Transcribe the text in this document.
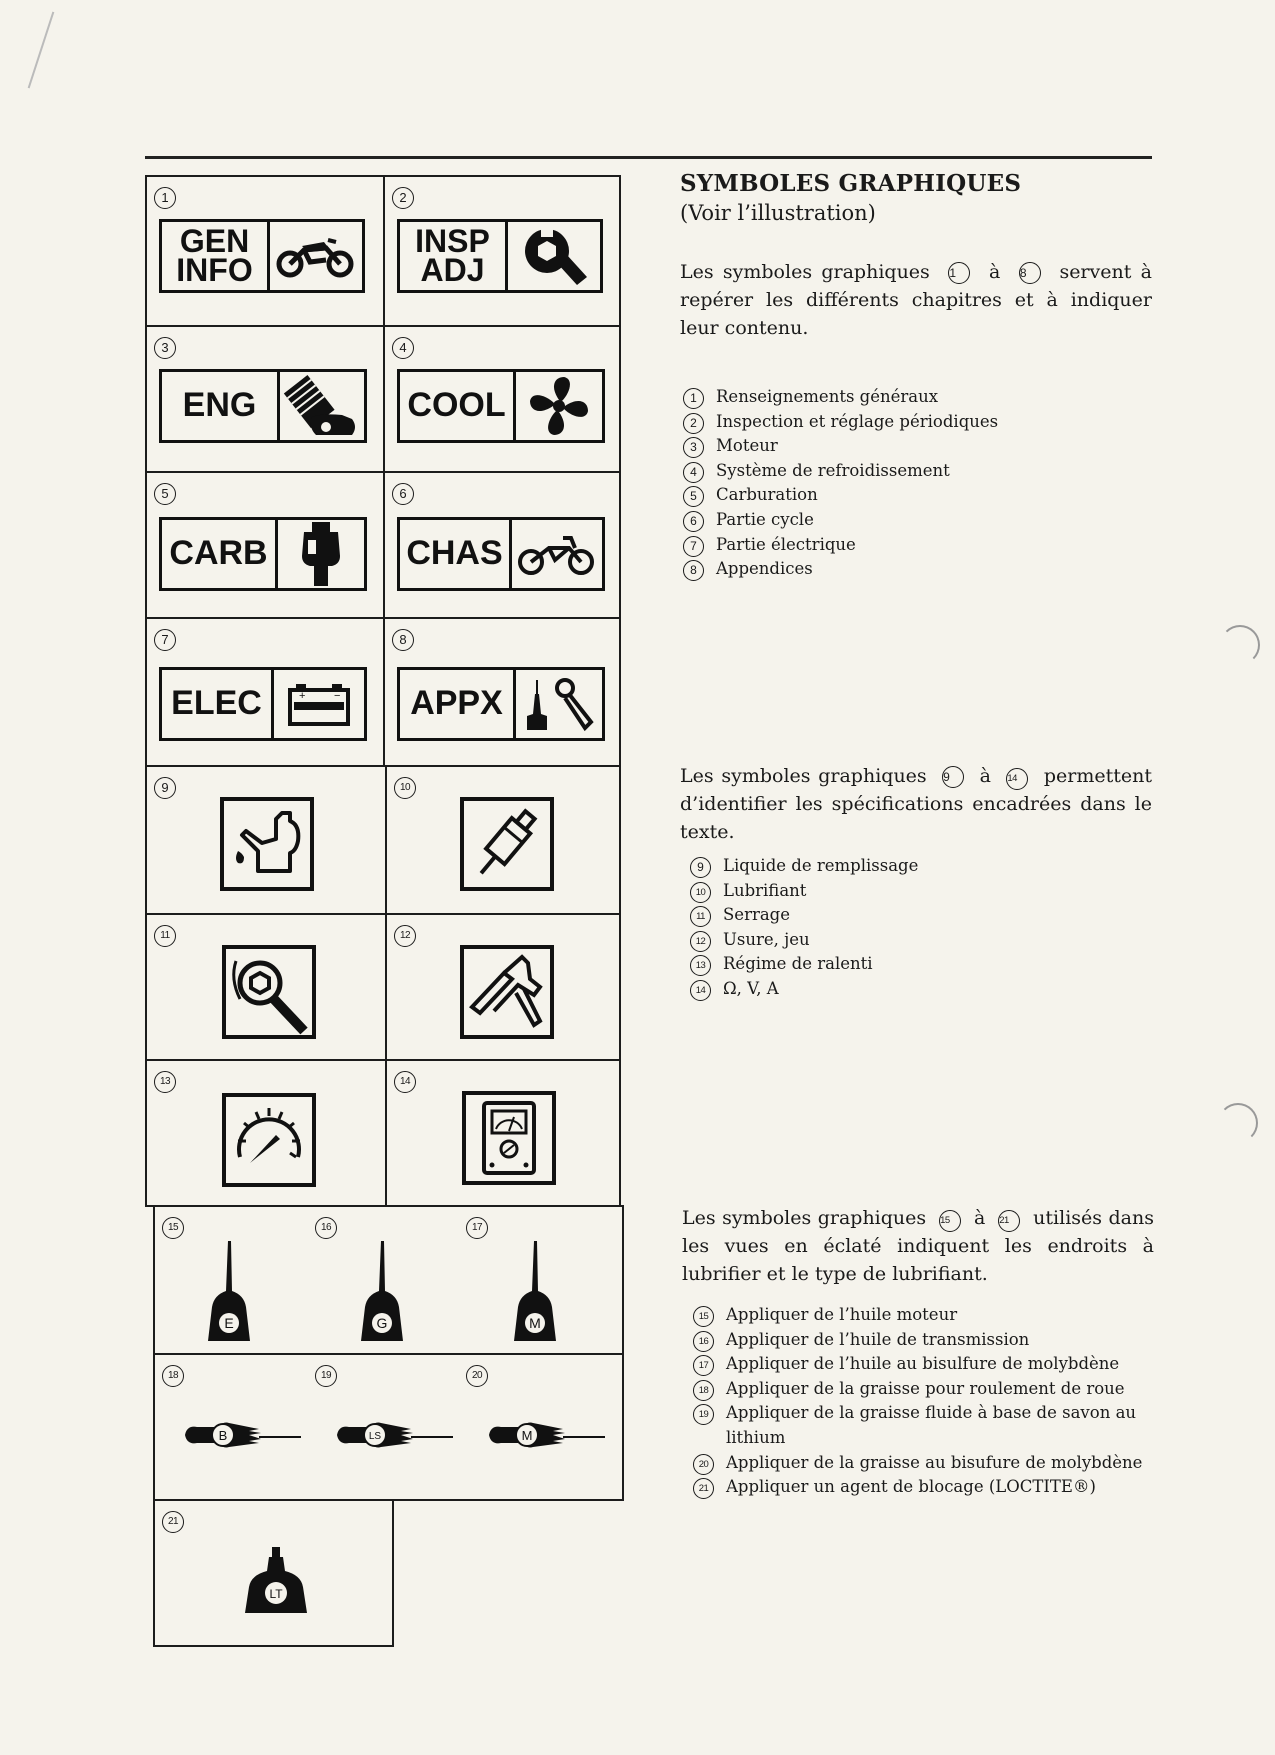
1
GEN
INFO
2
INSP
ADJ
3
ENG
4
COOL
5
CARB
6
CHAS
7
ELEC	+	−
8
APPX
9	10
11	12
13	14
15	16	17
E	G	M
18	19	20
B	LS	M
21
LT
SYMBOLES GRAPHIQUES
(Voir l’illustration)

Les symboles graphiques 1 à 8 servent à repérer les différents chapitres et à indiquer leur contenu.

1	Renseignements généraux
2	Inspection et réglage périodiques
3	Moteur
4	Système de refroidissement
5	Carburation
6	Partie cycle
7	Partie électrique
8	Appendices

Les symboles graphiques 9 à 14 permettent d’identifier les spécifications encadrées dans le texte.

9	Liquide de remplissage
10	Lubrifiant
11	Serrage
12	Usure, jeu
13	Régime de ralenti
14	Ω, V, A

Les symboles graphiques 15 à 21 utilisés dans les vues en éclaté indiquent les endroits à lubrifier et le type de lubrifiant.

15	Appliquer de l’huile moteur
16	Appliquer de l’huile de transmission
17	Appliquer de l’huile au bisulfure de molybdène
18	Appliquer de la graisse pour roulement de roue
19	Appliquer de la graisse fluide à base de savon au lithium
20	Appliquer de la graisse au bisufure de molybdène
21	Appliquer un agent de blocage (LOCTITE®)
